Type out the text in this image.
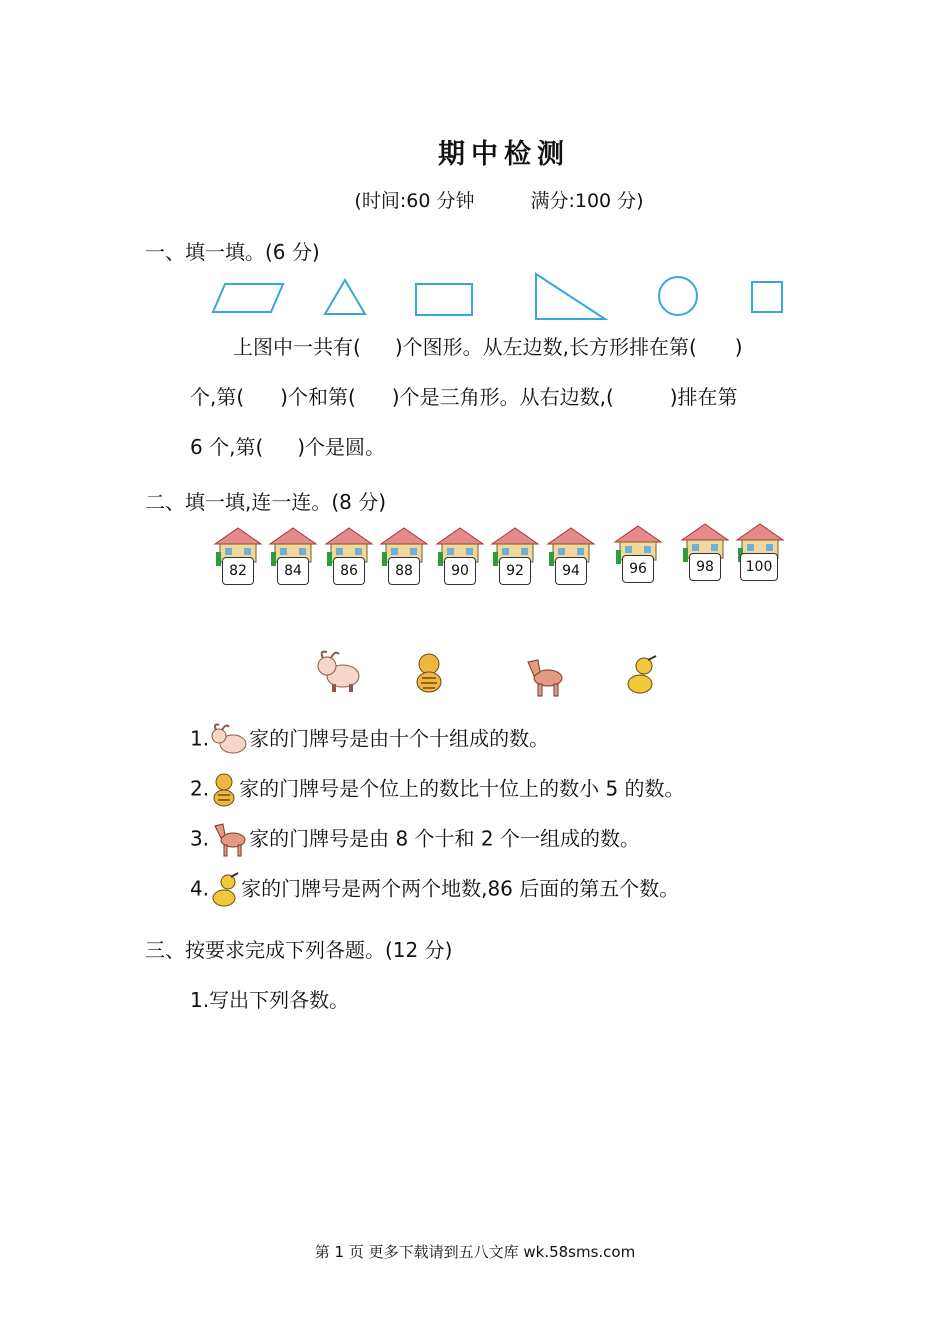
期中检测
(时间:60 分钟	满分:100 分)
一、填一填。(6 分)
上图中一共有( )个图形。从左边数,长方形排在第( )
个,第( )个和第( )个是三角形。从右边数,(	)排在第
6 个,第( )个是圆。
二、填一填,连一连。(8 分)
82	84	86	88	90	92	94	96	98	100
1. 家的门牌号是由十个十组成的数。
2. 家的门牌号是个位上的数比十位上的数小 5 的数。
3. 家的门牌号是由 8 个十和 2 个一组成的数。
4. 家的门牌号是两个两个地数,86 后面的第五个数。
三、按要求完成下列各题。(12 分)
1.写出下列各数。
第 1 页 更多下载请到五八文库 wk.58sms.com
